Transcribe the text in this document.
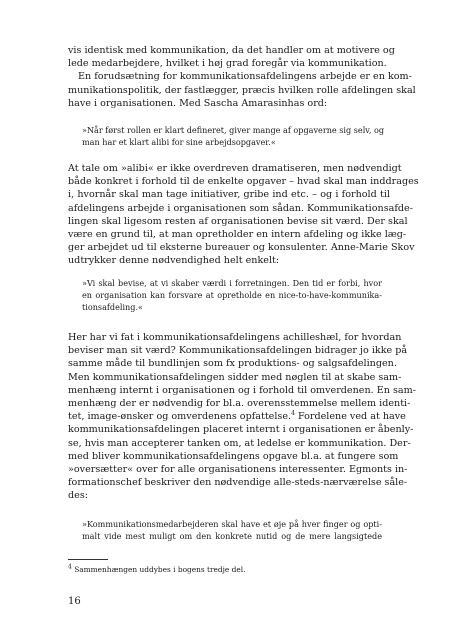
vis identisk med kommunikation, da det handler om at motivere og
lede medarbejdere, hvilket i høj grad foregår via kommunikation.
En forudsætning for kommunikationsafdelingens arbejde er en kom-
munikationspolitik, der fastlægger, præcis hvilken rolle afdelingen skal
have i organisationen. Med Sascha Amarasinhas ord:

»Når først rollen er klart defineret, giver mange af opgaverne sig selv, og
man har et klart alibi for sine arbejdsopgaver.«

At tale om »alibi« er ikke overdreven dramatiseren, men nødvendigt
både konkret i forhold til de enkelte opgaver – hvad skal man inddrages
i, hvornår skal man tage initiativer, gribe ind etc. – og i forhold til
afdelingens arbejde i organisationen som sådan. Kommunikationsafde-
lingen skal ligesom resten af organisationen bevise sit værd. Der skal
være en grund til, at man opretholder en intern afdeling og ikke læg-
ger arbejdet ud til eksterne bureauer og konsulenter. Anne-Marie Skov
udtrykker denne nødvendighed helt enkelt:

»Vi skal bevise, at vi skaber værdi i forretningen. Den tid er forbi, hvor
en organisation kan forsvare at opretholde en nice-to-have-kommunika-
tionsafdeling.«

Her har vi fat i kommunikationsafdelingens achilleshæl, for hvordan
beviser man sit værd? Kommunikationsafdelingen bidrager jo ikke på
samme måde til bundlinjen som fx produktions- og salgsafdelingen.
Men kommunikationsafdelingen sidder med nøglen til at skabe sam-
menhæng internt i organisationen og i forhold til omverdenen. En sam-
menhæng der er nødvendig for bl.a. overensstemmelse mellem identi-
tet, image-ønsker og omverdenens opfattelse.$^4$ Fordelene ved at have
kommunikationsafdelingen placeret internt i organisationen er åbenly-
se, hvis man accepterer tanken om, at ledelse er kommunikation. Der-
med bliver kommunikationsafdelingens opgave bl.a. at fungere som
»oversætter« over for alle organisationens interessenter. Egmonts in-
formationschef beskriver den nødvendige alle-steds-nærværelse såle-
des:

»Kommunikationsmedarbejderen skal have et øje på hver finger og opti-
malt vide mest muligt om den konkrete nutid og de mere langsigtede
$^4$ Sammenhængen uddybes i bogens tredje del.
16
